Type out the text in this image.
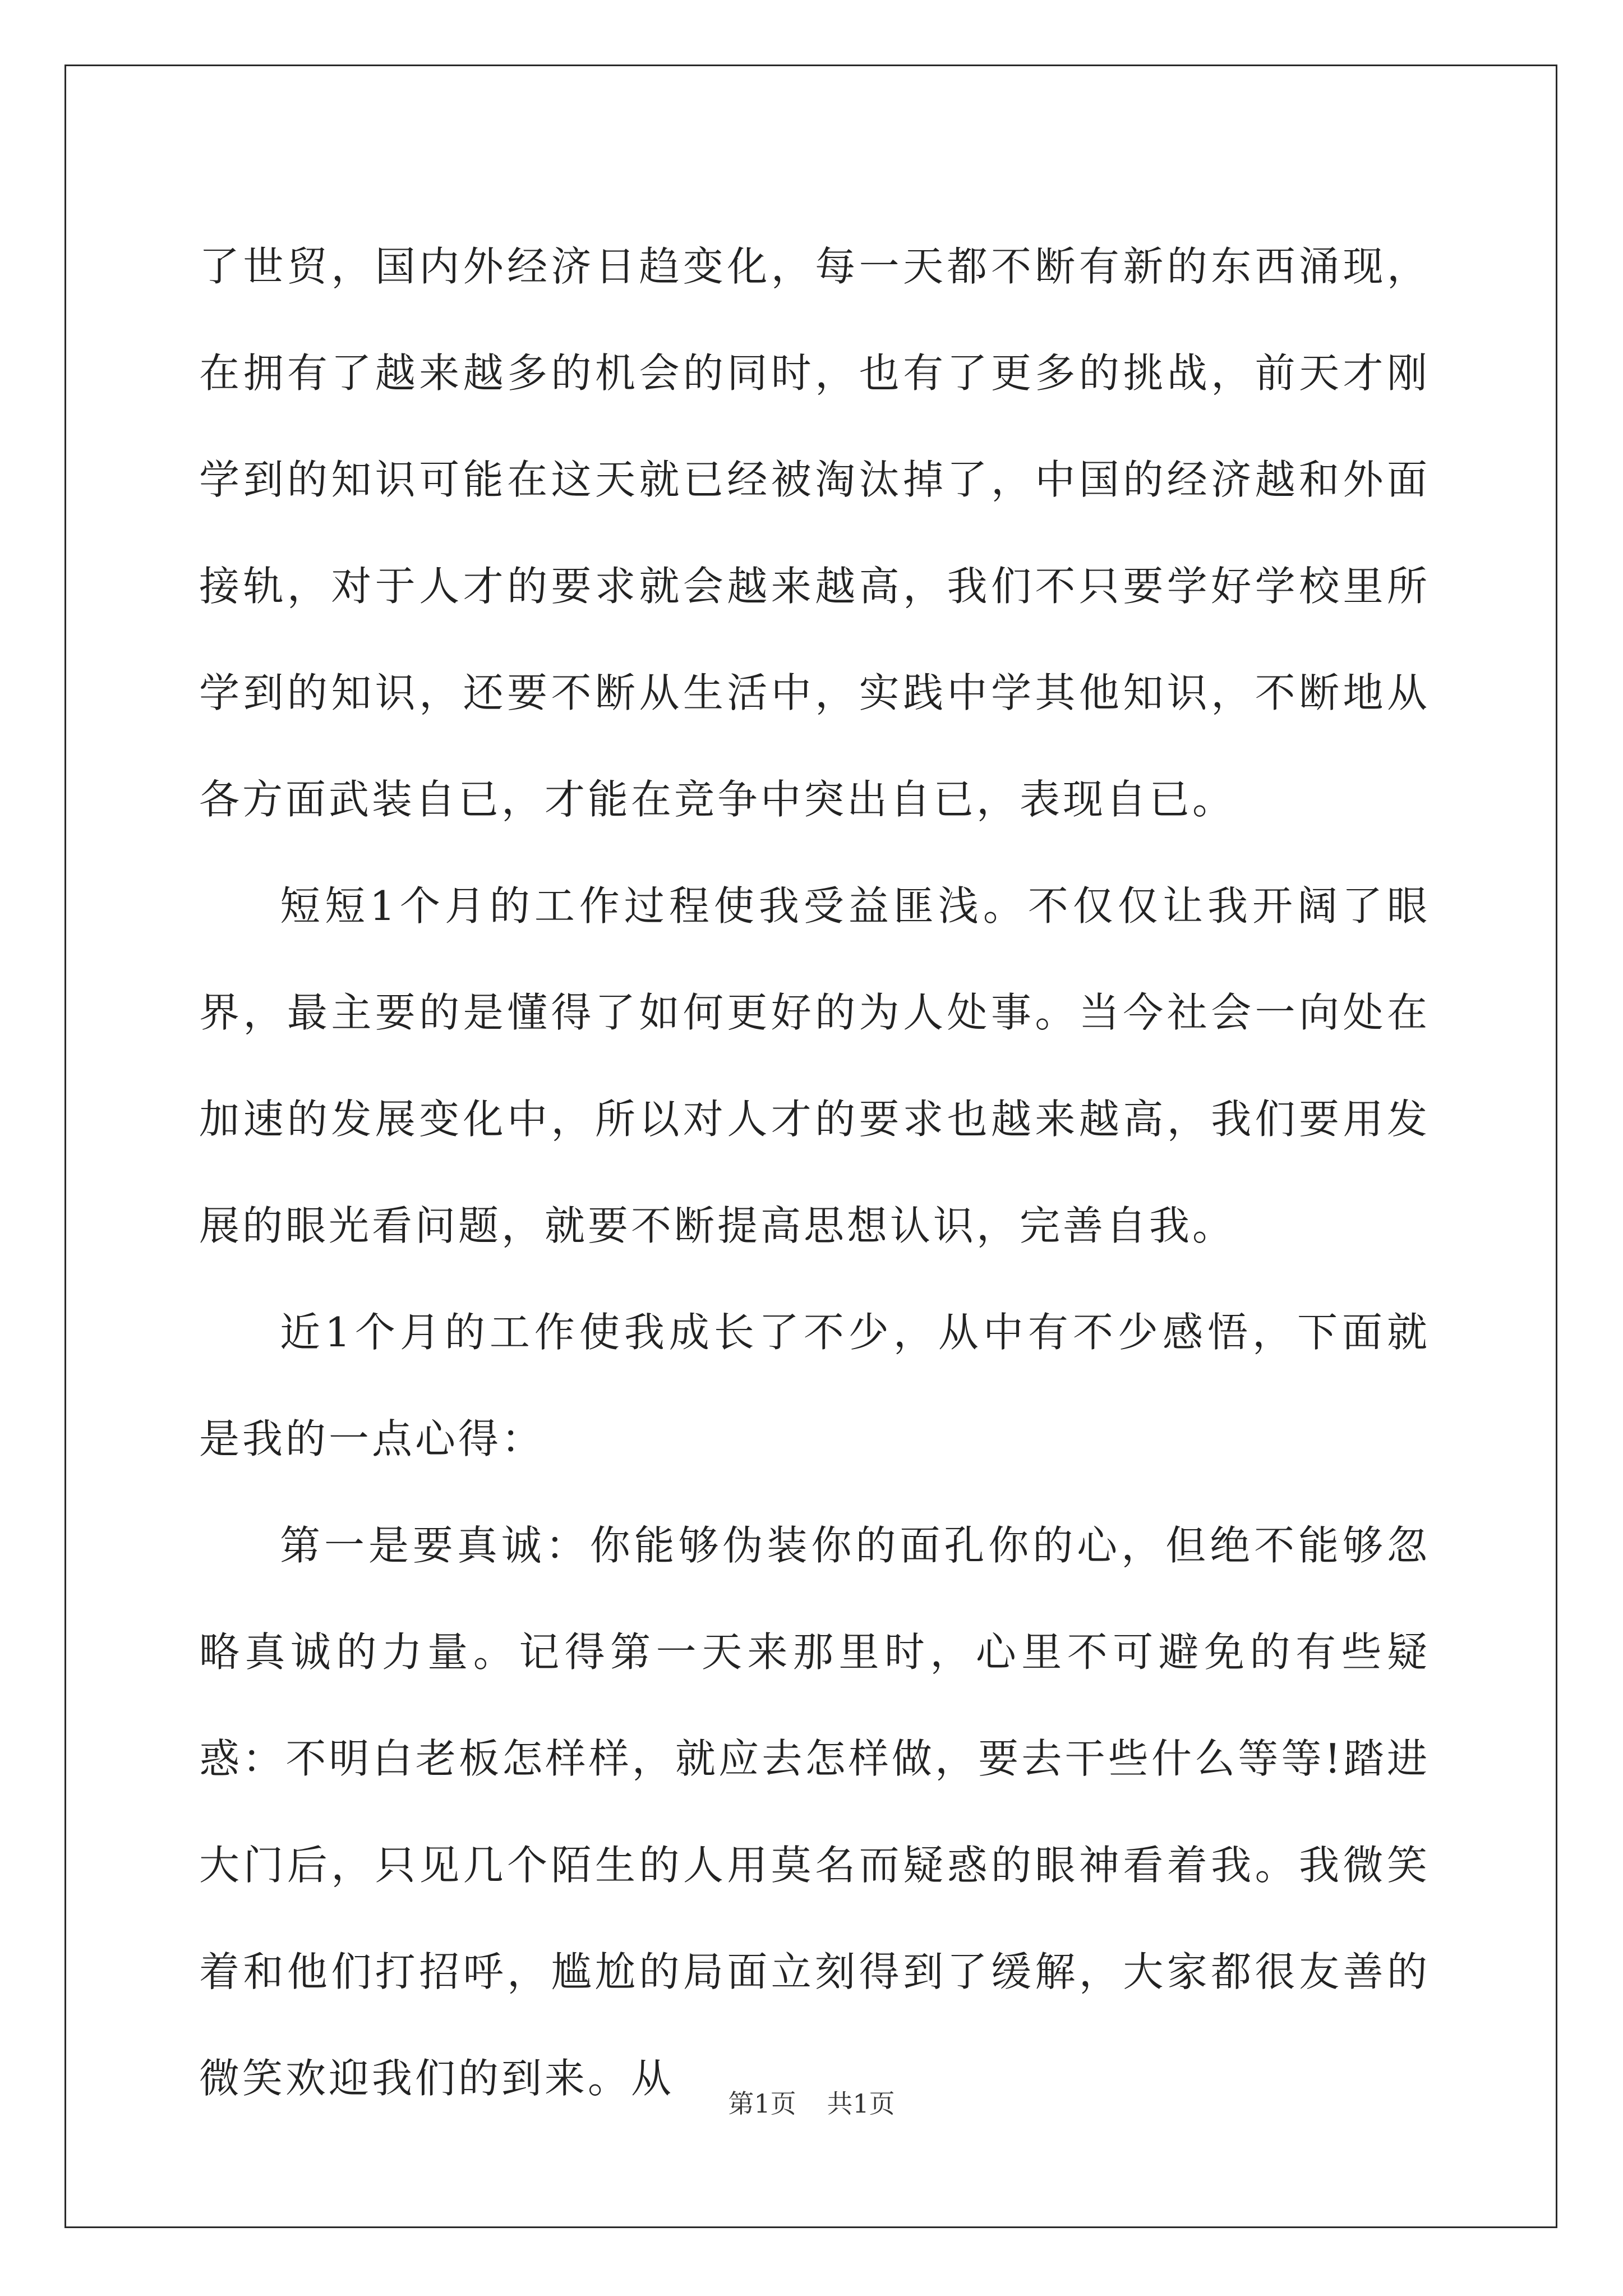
了世贸，国内外经济日趋变化，每一天都不断有新的东西涌现，在拥有了越来越多的机会的同时，也有了更多的挑战，前天才刚学到的知识可能在这天就已经被淘汰掉了，中国的经济越和外面接轨，对于人才的要求就会越来越高，我们不只要学好学校里所学到的知识，还要不断从生活中，实践中学其他知识，不断地从各方面武装自已，才能在竞争中突出自已，表现自已。

短短1个月的工作过程使我受益匪浅。不仅仅让我开阔了眼界，最主要的是懂得了如何更好的为人处事。当今社会一向处在加速的发展变化中，所以对人才的要求也越来越高，我们要用发展的眼光看问题，就要不断提高思想认识，完善自我。

近1个月的工作使我成长了不少，从中有不少感悟，下面就是我的一点心得：

第一是要真诚：你能够伪装你的面孔你的心，但绝不能够忽略真诚的力量。记得第一天来那里时，心里不可避免的有些疑惑：不明白老板怎样样，就应去怎样做，要去干些什么等等!踏进大门后，只见几个陌生的人用莫名而疑惑的眼神看着我。我微笑着和他们打招呼，尴尬的局面立刻得到了缓解，大家都很友善的微笑欢迎我们的到来。从

第1页 共1页
